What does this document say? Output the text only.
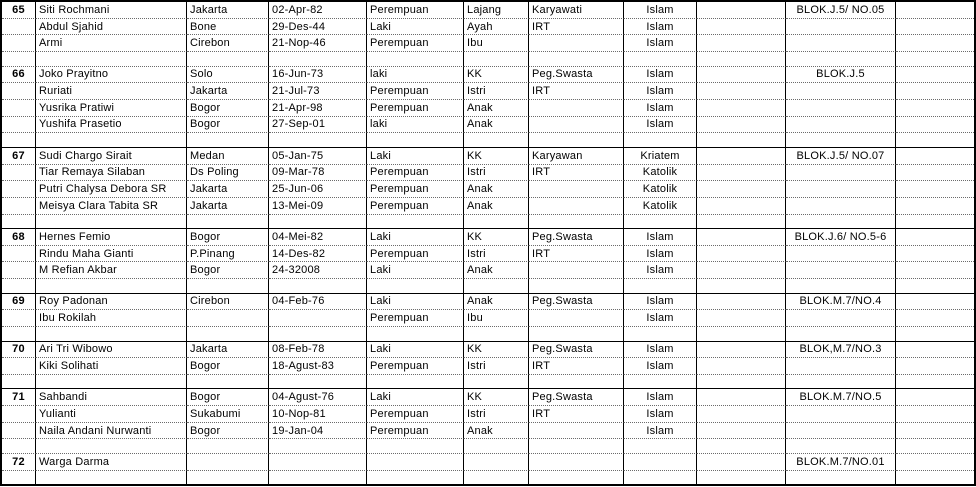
65	Siti Rochmani	Jakarta	02-Apr-82	Perempuan	Lajang	Karyawati	Islam		BLOK.J.5/ NO.05	
	Abdul Sjahid	Bone	29-Des-44	Laki	Ayah	IRT	Islam			
	Armi	Cirebon	21-Nop-46	Perempuan	Ibu		Islam			

66	Joko Prayitno	Solo	16-Jun-73	laki	KK	Peg.Swasta	Islam		BLOK.J.5	
	Ruriati	Jakarta	21-Jul-73	Perempuan	Istri	IRT	Islam			
	Yusrika Pratiwi	Bogor	21-Apr-98	Perempuan	Anak		Islam			
	Yushifa Prasetio	Bogor	27-Sep-01	laki	Anak		Islam			

67	Sudi Chargo Sirait	Medan	05-Jan-75	Laki	KK	Karyawan	Kriatem		BLOK.J.5/ NO.07	
	Tiar Remaya Silaban	Ds Poling	09-Mar-78	Perempuan	Istri	IRT	Katolik			
	Putri Chalysa Debora SR	Jakarta	25-Jun-06	Perempuan	Anak		Katolik			
	Meisya Clara Tabita SR	Jakarta	13-Mei-09	Perempuan	Anak		Katolik			

68	Hernes Femio	Bogor	04-Mei-82	Laki	KK	Peg.Swasta	Islam		BLOK.J.6/ NO.5-6	
	Rindu Maha Gianti	P.Pinang	14-Des-82	Perempuan	Istri	IRT	Islam			
	M Refian Akbar	Bogor	24-32008	Laki	Anak		Islam			

69	Roy Padonan	Cirebon	04-Feb-76	Laki	Anak	Peg.Swasta	Islam		BLOK.M.7/NO.4	
	Ibu Rokilah			Perempuan	Ibu		Islam			

70	Ari Tri Wibowo	Jakarta	08-Feb-78	Laki	KK	Peg.Swasta	Islam		BLOK,M.7/NO.3	
	Kiki Solihati	Bogor	18-Agust-83	Perempuan	Istri	IRT	Islam			

71	Sahbandi	Bogor	04-Agust-76	Laki	KK	Peg.Swasta	Islam		BLOK.M.7/NO.5	
	Yulianti	Sukabumi	10-Nop-81	Perempuan	Istri	IRT	Islam			
	Naila Andani Nurwanti	Bogor	19-Jan-04	Perempuan	Anak		Islam			

72	Warga Darma								BLOK.M.7/NO.01	
